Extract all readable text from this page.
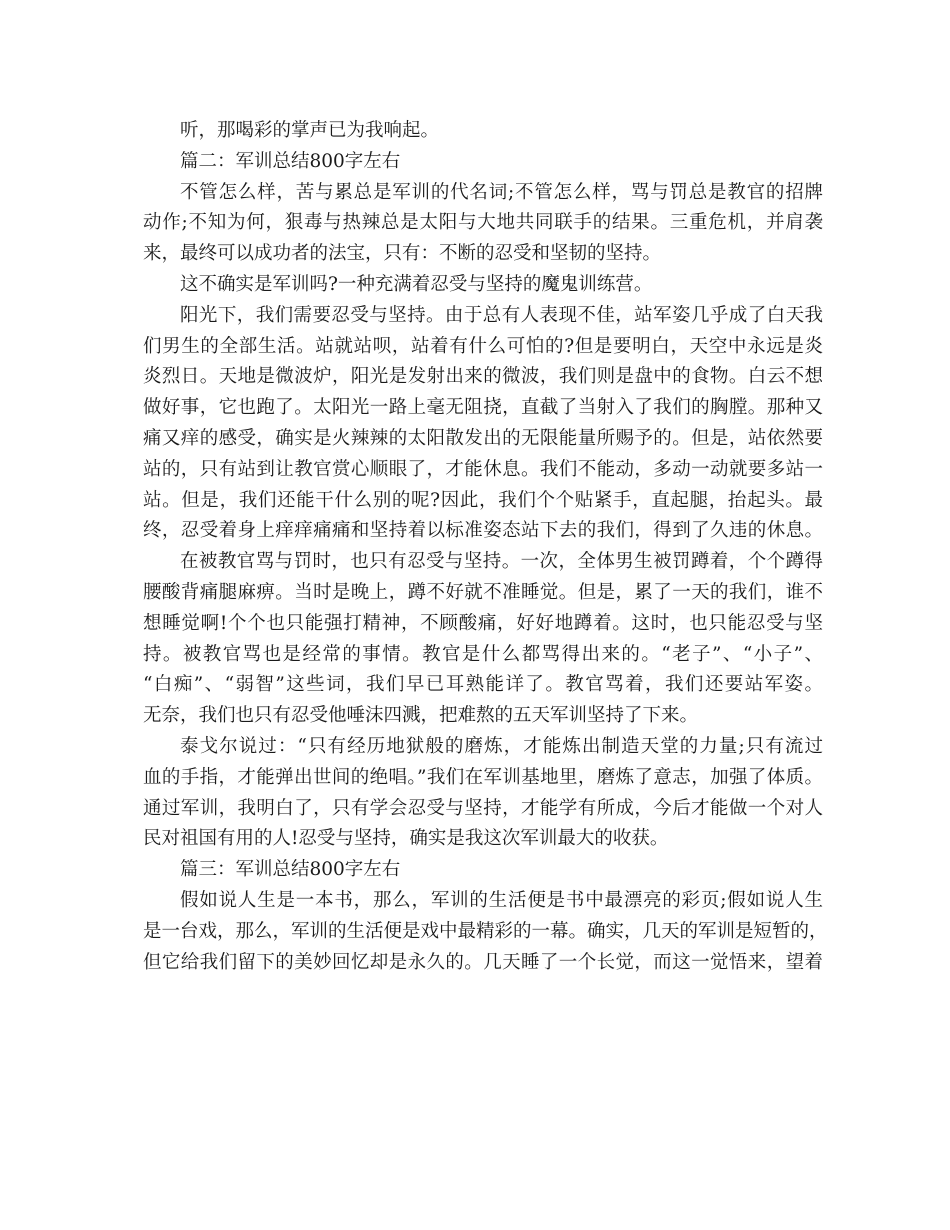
听，那喝彩的掌声已为我响起。
篇二：军训总结800字左右
不管怎么样，苦与累总是军训的代名词;不管怎么样，骂与罚总是教官的招牌
动作;不知为何，狠毒与热辣总是太阳与大地共同联手的结果。三重危机，并肩袭
来，最终可以成功者的法宝，只有：不断的忍受和坚韧的坚持。
这不确实是军训吗?一种充满着忍受与坚持的魔鬼训练营。
阳光下，我们需要忍受与坚持。由于总有人表现不佳，站军姿几乎成了白天我
们男生的全部生活。站就站呗，站着有什么可怕的?但是要明白，天空中永远是炎
炎烈日。天地是微波炉，阳光是发射出来的微波，我们则是盘中的食物。白云不想
做好事，它也跑了。太阳光一路上毫无阻挠，直截了当射入了我们的胸膛。那种又
痛又痒的感受，确实是火辣辣的太阳散发出的无限能量所赐予的。但是，站依然要
站的，只有站到让教官赏心顺眼了，才能休息。我们不能动，多动一动就要多站一
站。但是，我们还能干什么别的呢?因此，我们个个贴紧手，直起腿，抬起头。最
终，忍受着身上痒痒痛痛和坚持着以标准姿态站下去的我们，得到了久违的休息。
在被教官骂与罚时，也只有忍受与坚持。一次，全体男生被罚蹲着，个个蹲得
腰酸背痛腿麻痹。当时是晚上，蹲不好就不准睡觉。但是，累了一天的我们，谁不
想睡觉啊!个个也只能强打精神，不顾酸痛，好好地蹲着。这时，也只能忍受与坚
持。被教官骂也是经常的事情。教官是什么都骂得出来的。“老子”、“小子”、
“白痴”、“弱智”这些词，我们早已耳熟能详了。教官骂着，我们还要站军姿。
无奈，我们也只有忍受他唾沫四溅，把难熬的五天军训坚持了下来。
泰戈尔说过：“只有经历地狱般的磨炼，才能炼出制造天堂的力量;只有流过
血的手指，才能弹出世间的绝唱。”我们在军训基地里，磨炼了意志，加强了体质。
通过军训，我明白了，只有学会忍受与坚持，才能学有所成，今后才能做一个对人
民对祖国有用的人!忍受与坚持，确实是我这次军训最大的收获。
篇三：军训总结800字左右
假如说人生是一本书，那么，军训的生活便是书中最漂亮的彩页;假如说人生
是一台戏，那么，军训的生活便是戏中最精彩的一幕。确实，几天的军训是短暂的，
但它给我们留下的美妙回忆却是永久的。几天睡了一个长觉，而这一觉悟来，望着
